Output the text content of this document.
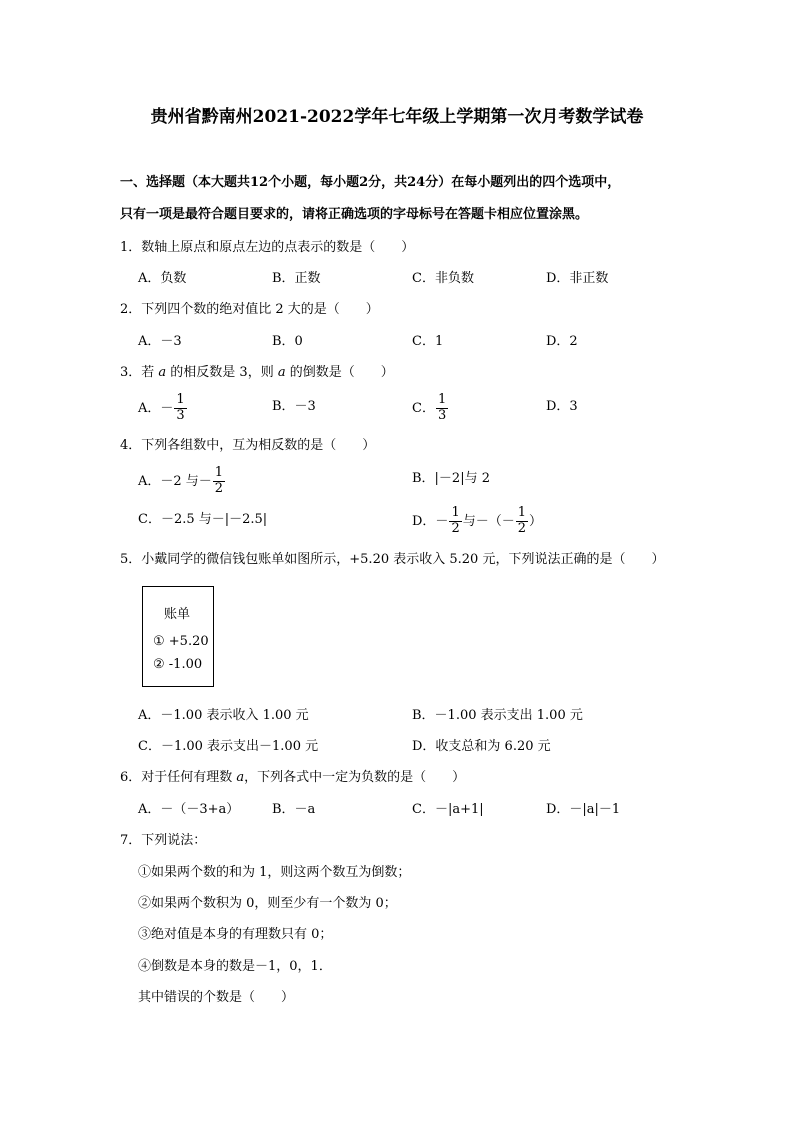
贵州省黔南州2021-2022学年七年级上学期第一次月考数学试卷
一、选择题（本大题共12个小题，每小题2分，共24分）在每小题列出的四个选项中，
只有一项是最符合题目要求的，请将正确选项的字母标号在答题卡相应位置涂黑。
1．数轴上原点和原点左边的点表示的数是（　　）
A．负数	B．正数	C．非负数	D．非正数
2．下列四个数的绝对值比 2 大的是（　　）
A．－3	B．0	C．1	D．2
3．若 a 的相反数是 3，则 a 的倒数是（　　）
A．－ $\frac{1}{3}$	B．－3	C． $\frac{1}{3}$	D．3
4．下列各组数中，互为相反数的是（　　）
A．－2 与－ $\frac{1}{2}$	B．|－2|与 2
C．－2.5 与－|－2.5|	D．－ $\frac{1}{2}$ 与－（－ $\frac{1}{2}$ ）
5．小戴同学的微信钱包账单如图所示，+5.20 表示收入 5.20 元，下列说法正确的是（　　）
账单
① +5.20
② -1.00
A．－1.00 表示收入 1.00 元	B．－1.00 表示支出 1.00 元
C．－1.00 表示支出－1.00 元	D．收支总和为 6.20 元
6．对于任何有理数 a，下列各式中一定为负数的是（　　）
A．－（－3+a）	B．－a	C．－|a+1|	D．－|a|－1
7．下列说法：
①如果两个数的和为 1，则这两个数互为倒数；
②如果两个数积为 0，则至少有一个数为 0；
③绝对值是本身的有理数只有 0；
④倒数是本身的数是－1，0，1．
其中错误的个数是（　　）
